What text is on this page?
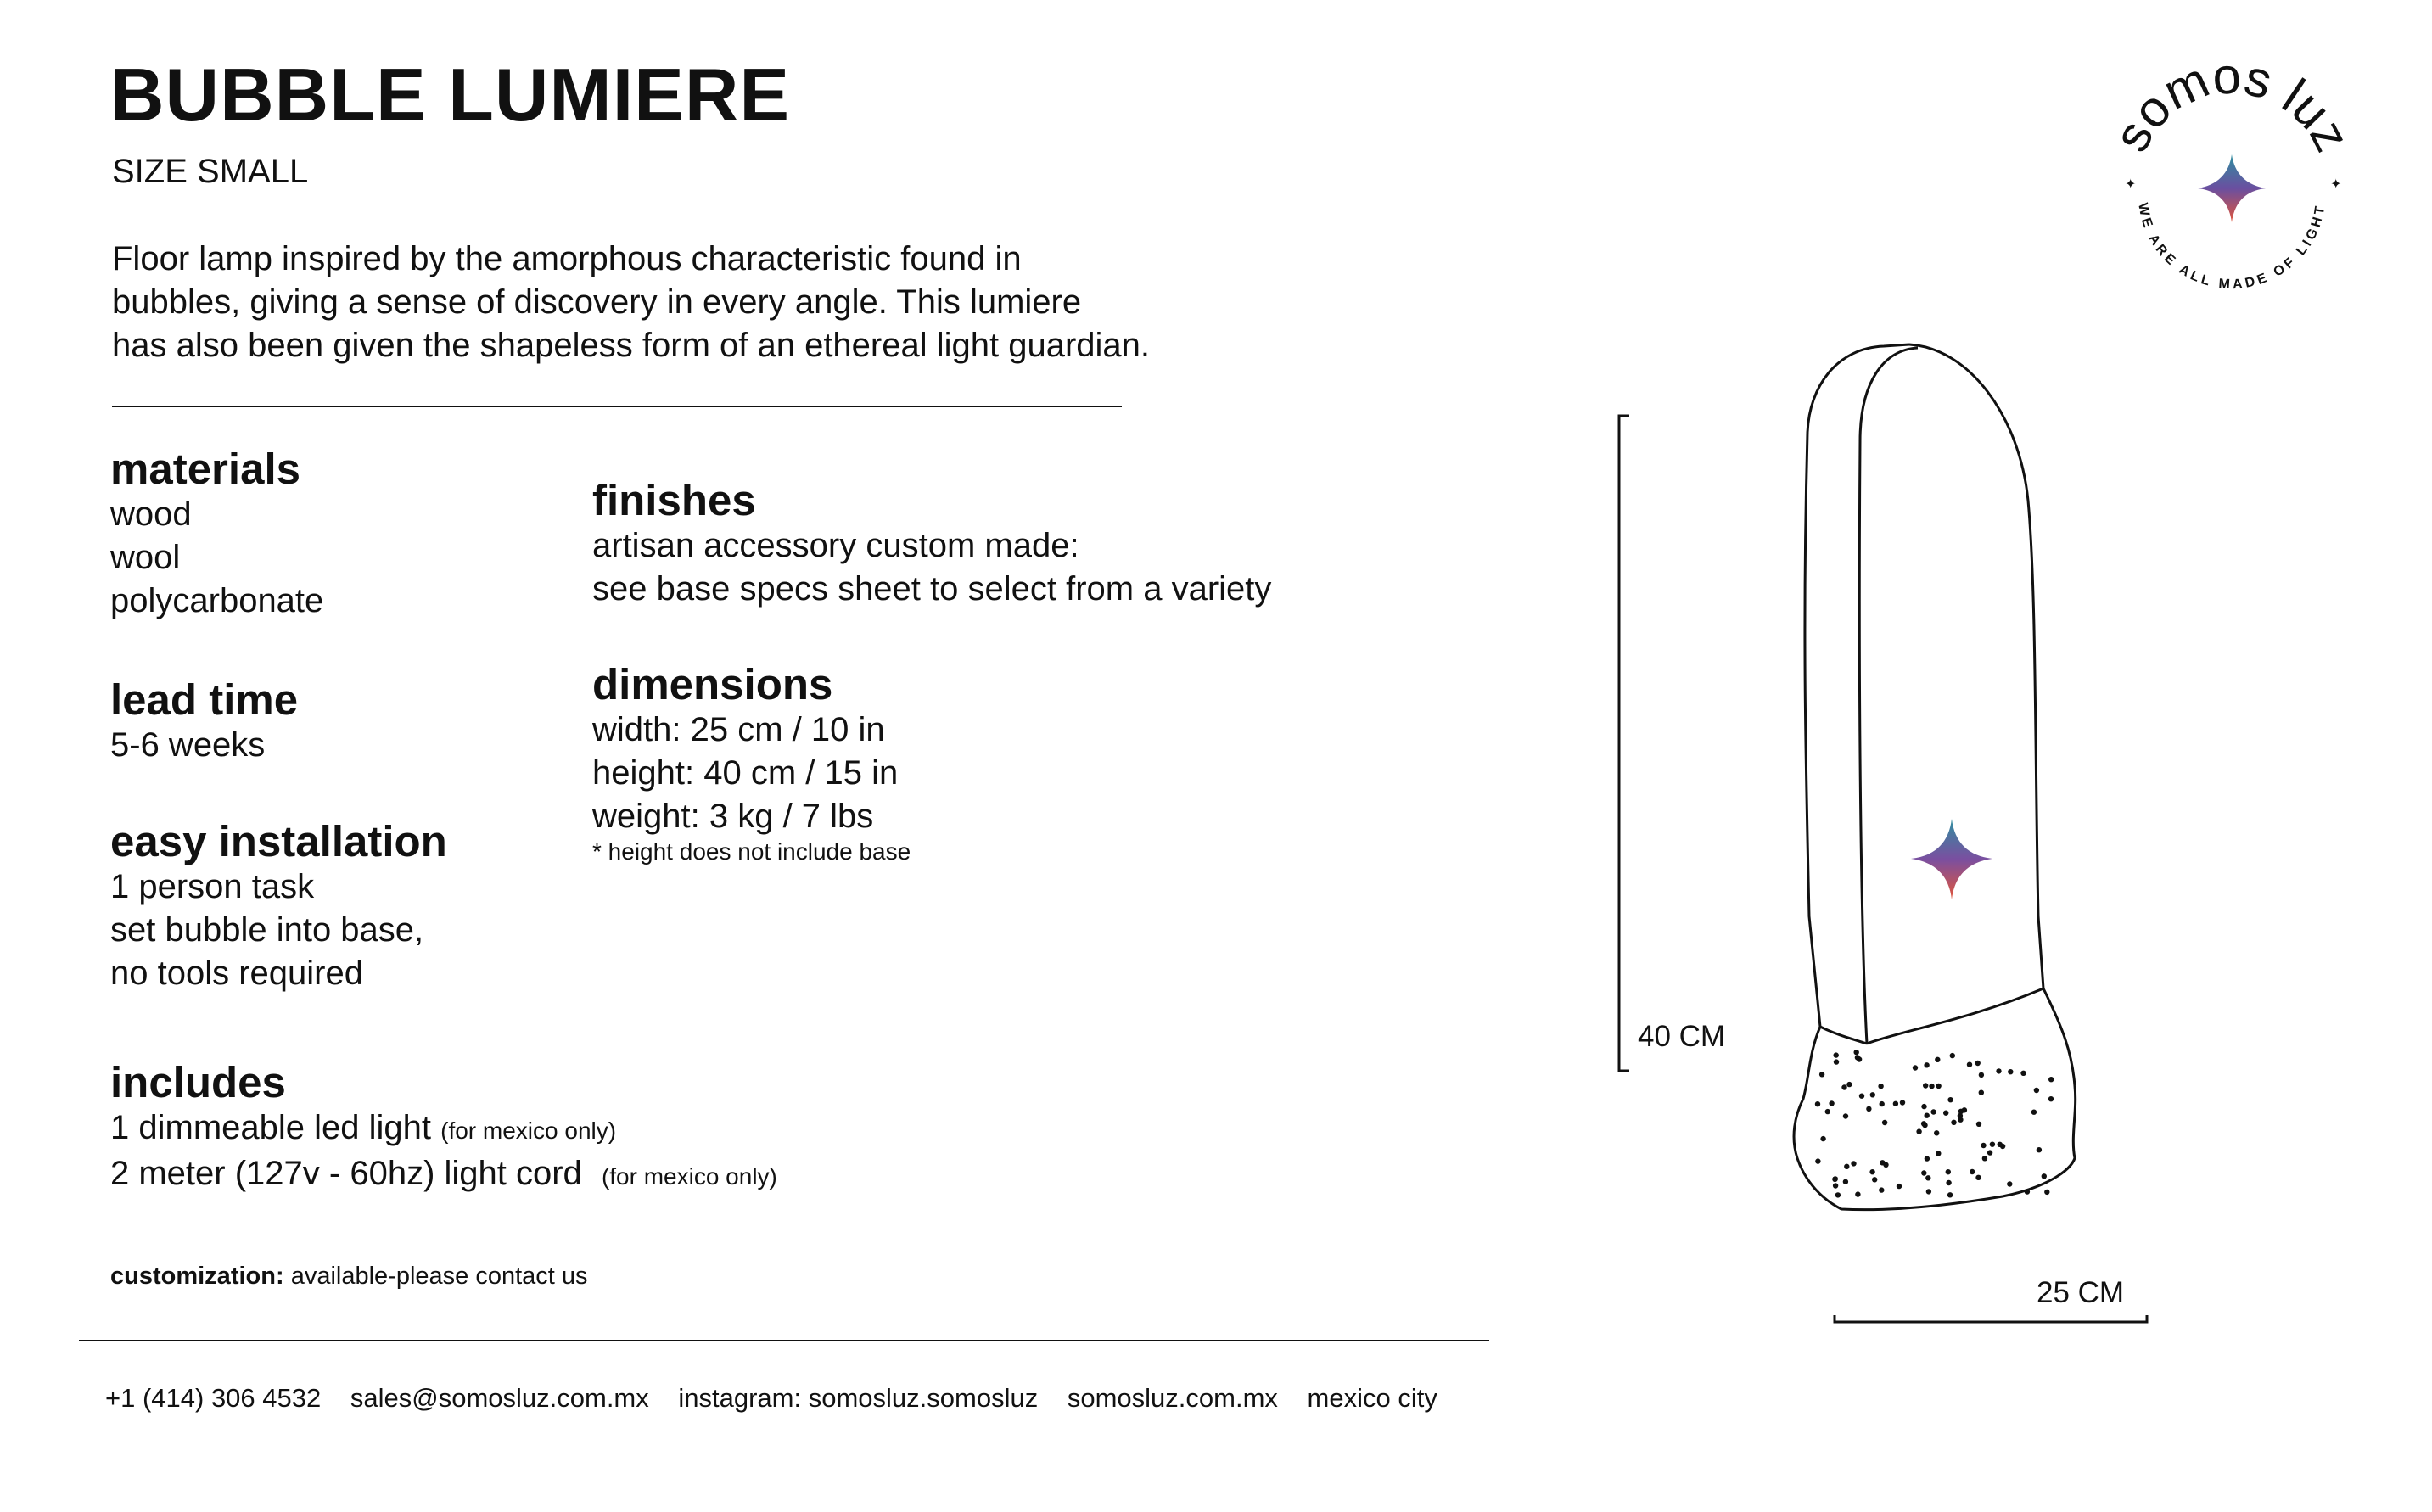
BUBBLE LUMIERE
SIZE SMALL
Floor lamp inspired by the amorphous characteristic found in
bubbles, giving a sense of discovery in every angle. This lumiere
has also been given the shapeless form of an ethereal light guardian.
materials
wood
wool
polycarbonate
lead time
5-6 weeks
easy installation
1 person task
set bubble into base,
no tools required
includes
1 dimmeable led light (for mexico only)
2 meter (127v - 60hz) light cord (for mexico only)
finishes
artisan accessory custom made:
see base specs sheet to select from a variety
dimensions
width: 25 cm / 10 in
height: 40 cm / 15 in
weight: 3 kg / 7 lbs
* height does not include base
customization: available-please contact us
+1 (414) 306 4532 sales@somosluz.com.mx instagram: somosluz.somosluz somosluz.com.mx mexico city
somos luz
WE ARE ALL MADE OF LIGHT
✦	✦
40 CM
25 CM
